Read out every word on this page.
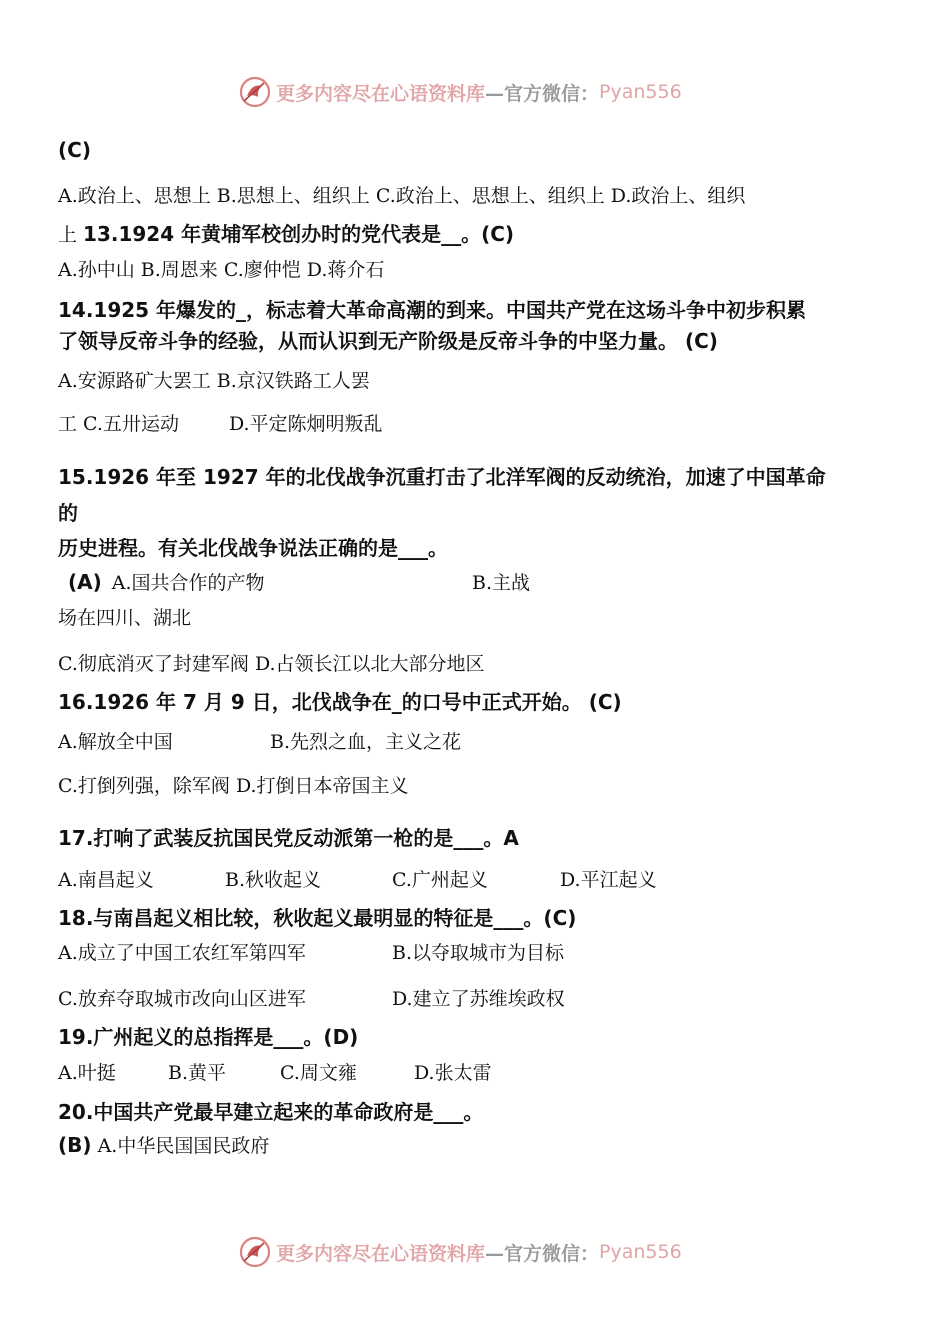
更多内容尽在心语资料库 —官方微信： Pyan556
(C)
A.政治上、思想上 B.思想上、组织上 C.政治上、思想上、组织上 D.政治上、组织
上 13.1924 年黄埔军校创办时的党代表是__。(C)
A.孙中山 B.周恩来 C.廖仲恺 D.蒋介石
14.1925 年爆发的_，标志着大革命高潮的到来。中国共产党在这场斗争中初步积累
了领导反帝斗争的经验，从而认识到无产阶级是反帝斗争的中坚力量。 (C)
A.安源路矿大罢工 B.京汉铁路工人罢
工 C.五卅运动	D.平定陈炯明叛乱
15.1926 年至 1927 年的北伐战争沉重打击了北洋军阀的反动统治，加速了中国革命
的
历史进程。有关北伐战争说法正确的是___。
(A) A.国共合作的产物	B.主战
场在四川、湖北
C.彻底消灭了封建军阀 D.占领长江以北大部分地区
16.1926 年 7 月 9 日，北伐战争在_的口号中正式开始。 (C)
A.解放全中国	B.先烈之血，主义之花
C.打倒列强，除军阀 D.打倒日本帝国主义
17.打响了武装反抗国民党反动派第一枪的是___。A
A.南昌起义	B.秋收起义	C.广州起义	D.平江起义
18.与南昌起义相比较，秋收起义最明显的特征是___。(C)
A.成立了中国工农红军第四军	B.以夺取城市为目标
C.放弃夺取城市改向山区进军	D.建立了苏维埃政权
19.广州起义的总指挥是___。(D)
A.叶挺	B.黄平	C.周文雍	D.张太雷
20.中国共产党最早建立起来的革命政府是___。
(B) A.中华民国国民政府
更多内容尽在心语资料库 —官方微信： Pyan556
